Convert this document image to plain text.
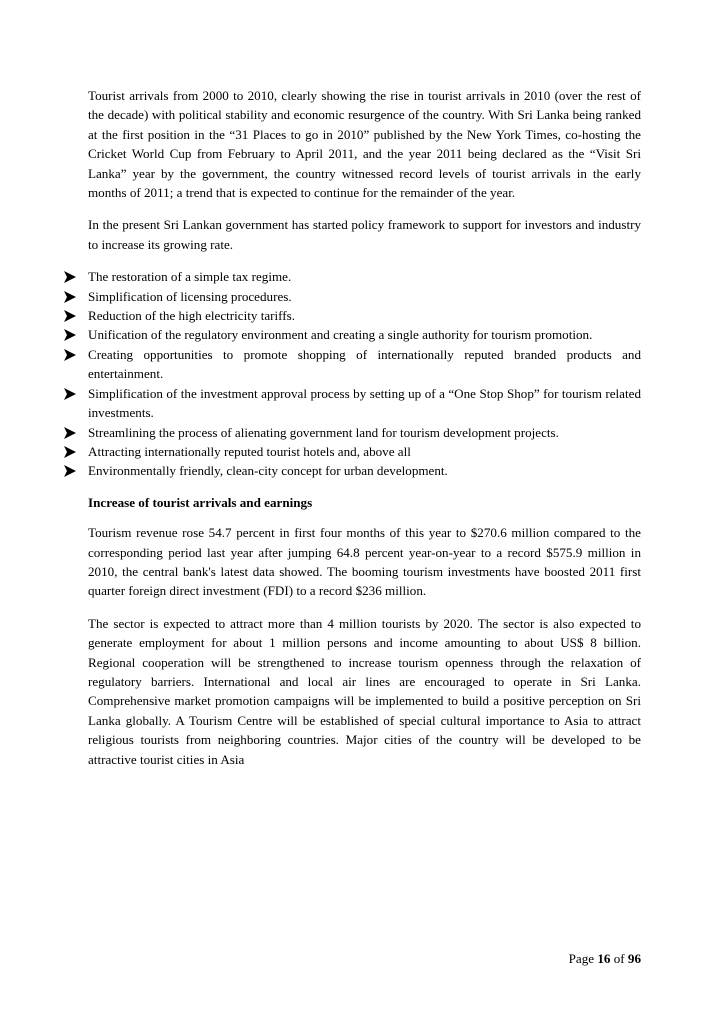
Tourist arrivals from 2000 to 2010, clearly showing the rise in tourist arrivals in 2010 (over the rest of the decade) with political stability and economic resurgence of the country. With Sri Lanka being ranked at the first position in the “31 Places to go in 2010” published by the New York Times, co-hosting the Cricket World Cup from February to April 2011, and the year 2011 being declared as the “Visit Sri Lanka” year by the government, the country witnessed record levels of tourist arrivals in the early months of 2011; a trend that is expected to continue for the remainder of the year.

In the present Sri Lankan government has started policy framework to support for investors and industry to increase its growing rate.

The restoration of a simple tax regime.
Simplification of licensing procedures.
Reduction of the high electricity tariffs.
Unification of the regulatory environment and creating a single authority for tourism promotion.
Creating opportunities to promote shopping of internationally reputed branded products and entertainment.
Simplification of the investment approval process by setting up of a “One Stop Shop” for tourism related investments.
Streamlining the process of alienating government land for tourism development projects.
Attracting internationally reputed tourist hotels and, above all
Environmentally friendly, clean-city concept for urban development.

Increase of tourist arrivals and earnings

Tourism revenue rose 54.7 percent in first four months of this year to $270.6 million compared to the corresponding period last year after jumping 64.8 percent year-on-year to a record $575.9 million in 2010, the central bank's latest data showed. The booming tourism investments have boosted 2011 first quarter foreign direct investment (FDI) to a record $236 million.

The sector is expected to attract more than 4 million tourists by 2020. The sector is also expected to generate employment for about 1 million persons and income amounting to about US$ 8 billion. Regional cooperation will be strengthened to increase tourism openness through the relaxation of regulatory barriers. International and local air lines are encouraged to operate in Sri Lanka. Comprehensive market promotion campaigns will be implemented to build a positive perception on Sri Lanka globally. A Tourism Centre will be established of special cultural importance to Asia to attract religious tourists from neighboring countries. Major cities of the country will be developed to be attractive tourist cities in Asia

Page 16 of 96
